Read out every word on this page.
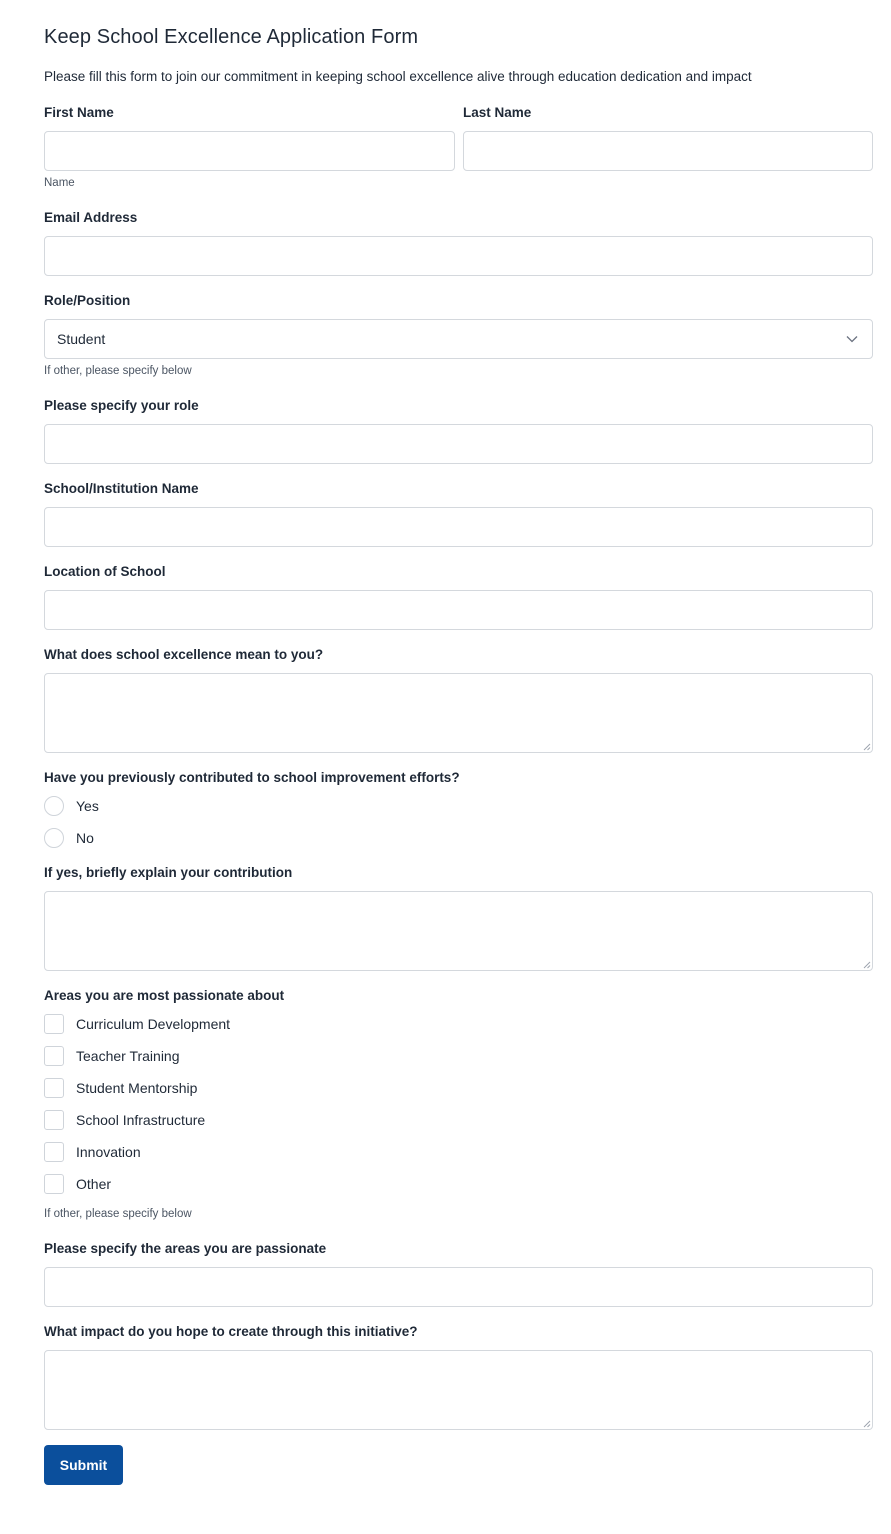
Keep School Excellence Application Form
Please fill this form to join our commitment in keeping school excellence alive through education dedication and impact
First Name	Last Name
Name
Email Address
Role/Position
Student
If other, please specify below
Please specify your role
School/Institution Name
Location of School
What does school excellence mean to you?
Have you previously contributed to school improvement efforts?
Yes
No
If yes, briefly explain your contribution
Areas you are most passionate about
Curriculum Development
Teacher Training
Student Mentorship
School Infrastructure
Innovation
Other
If other, please specify below
Please specify the areas you are passionate
What impact do you hope to create through this initiative?
Submit
